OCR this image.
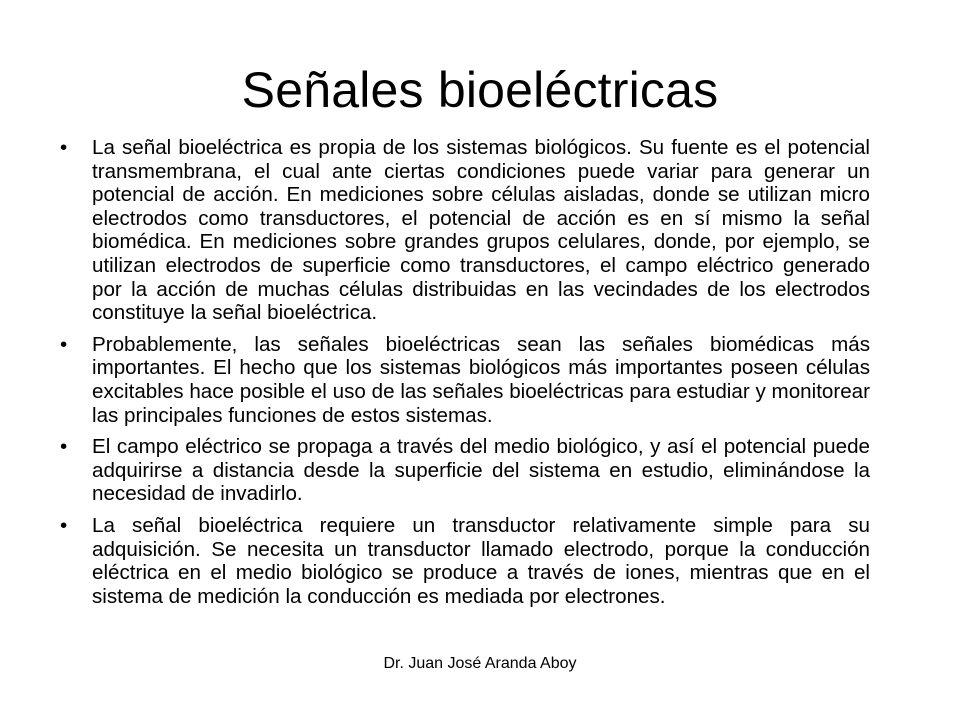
Señales bioeléctricas
•	La señal bioeléctrica es propia de los sistemas biológicos. Su fuente es el potencial transmembrana, el cual ante ciertas condiciones puede variar para generar un potencial de acción. En mediciones sobre células aisladas, donde se utilizan micro electrodos como transductores, el potencial de acción es en sí mismo la señal biomédica. En mediciones sobre grandes grupos celulares, donde, por ejemplo, se utilizan electrodos de superficie como transductores, el campo eléctrico generado por la acción de muchas células distribuidas en las vecindades de los electrodos constituye la señal bioeléctrica.
•	Probablemente, las señales bioeléctricas sean las señales biomédicas más importantes. El hecho que los sistemas biológicos más importantes poseen células excitables hace posible el uso de las señales bioeléctricas para estudiar y monitorear las principales funciones de estos sistemas.
•	El campo eléctrico se propaga a través del medio biológico, y así el potencial puede adquirirse a distancia desde la superficie del sistema en estudio, eliminándose la necesidad de invadirlo.
•	La señal bioeléctrica requiere un transductor relativamente simple para su adquisición. Se necesita un transductor llamado electrodo, porque la conducción eléctrica en el medio biológico se produce a través de iones, mientras que en el sistema de medición la conducción es mediada por electrones.
Dr. Juan José Aranda Aboy
